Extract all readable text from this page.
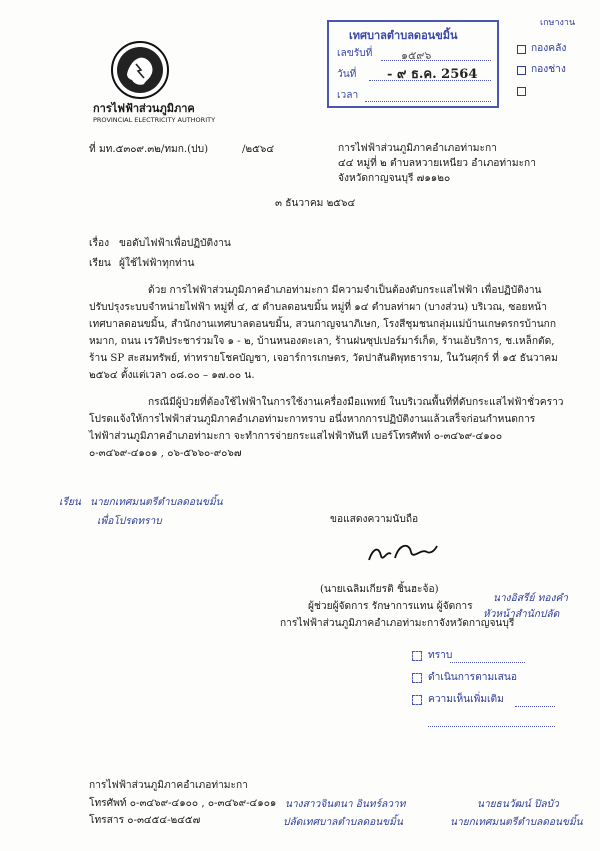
การไฟฟ้าส่วนภูมิภาค
PROVINCIAL ELECTRICITY AUTHORITY
เทศบาลตำบลดอนขมิ้น
เลขรับที่	๑๕๙๖
วันที่ - ๙ ธ.ค. 2564
เวลา
เกษางาน
กองคลัง
กองช่าง
ที่ มท.๕๓๐๙.๓๒/ทมก.(ปบ)	/๒๕๖๔	การไฟฟ้าส่วนภูมิภาคอำเภอท่ามะกา
๔๔ หมู่ที่ ๒ ตำบลหวายเหนียว อำเภอท่ามะกา
จังหวัดกาญจนบุรี ๗๑๑๒๐
๓ ธันวาคม ๒๕๖๔
เรื่อง ขอดับไฟฟ้าเพื่อปฏิบัติงาน
เรียน ผู้ใช้ไฟฟ้าทุกท่าน
ด้วย การไฟฟ้าส่วนภูมิภาคอำเภอท่ามะกา มีความจำเป็นต้องดับกระแสไฟฟ้า เพื่อปฏิบัติงาน
ปรับปรุงระบบจำหน่ายไฟฟ้า หมู่ที่ ๔, ๕ ตำบลดอนขมิ้น หมู่ที่ ๑๔ ตำบลท่าผา (บางส่วน) บริเวณ, ซอยหน้า
เทศบาลดอนขมิ้น, สำนักงานเทศบาลดอนขมิ้น, สวนกาญจนาภิเษก, โรงสีชุมชนกลุ่มแม่บ้านเกษตรกรบ้านกก
หมาก, ถนน เรวัติประชาร่วมใจ ๑ - ๒, บ้านหนองตะเลา, ร้านฝนซุปเปอร์มาร์เก็ต, ร้านเอ้บริการ, ช.เหล็กตัด,
ร้าน SP สะสมทรัพย์, ท่าทรายโชคบัญชา, เจอาร์การเกษตร, วัดปาสันติพุทธาราม, ในวันศุกร์ ที่ ๑๕ ธันวาคม
๒๕๖๔ ตั้งแต่เวลา ๐๘.๐๐ – ๑๗.๐๐ น.
กรณีมีผู้ป่วยที่ต้องใช้ไฟฟ้าในการใช้งานเครื่องมือแพทย์ ในบริเวณพื้นที่ที่ดับกระแสไฟฟ้าชั่วคราว
โปรดแจ้งให้การไฟฟ้าส่วนภูมิภาคอำเภอท่ามะกาทราบ อนึ่งหากการปฏิบัติงานแล้วเสร็จก่อนกำหนดการ
ไฟฟ้าส่วนภูมิภาคอำเภอท่ามะกา จะทำการจ่ายกระแสไฟฟ้าทันที เบอร์โทรศัพท์ ๐-๓๔๖๙-๔๑๐๐
๐-๓๔๖๙-๔๑๐๑ , ๐๖-๕๖๖๐-๙๐๖๗
เรียน นายกเทศมนตรีตำบลดอนขมิ้น
เพื่อโปรดทราบ	ขอแสดงความนับถือ
(นายเฉลิมเกียรติ ชิ้นฮะจ้อ)
ผู้ช่วยผู้จัดการ รักษาการแทน ผู้จัดการ
การไฟฟ้าส่วนภูมิภาคอำเภอท่ามะกาจังหวัดกาญจนบุรี
นางอิสรีย์ ทองคำ
หัวหน้าสำนักปลัด
ทราบ
ดำเนินการตามเสนอ
ความเห็นเพิ่มเติม
การไฟฟ้าส่วนภูมิภาคอำเภอท่ามะกา
โทรศัพท์ ๐-๓๔๖๙-๔๑๐๐ , ๐-๓๔๖๙-๔๑๐๑
โทรสาร ๐-๓๔๕๔-๒๔๕๗
นางสาวจินตนา อินทร์ลวาท
ปลัดเทศบาลตำบลดอนขมิ้น
นายธนวัฒน์ ปิลบัว
นายกเทศมนตรีตำบลดอนขมิ้น
